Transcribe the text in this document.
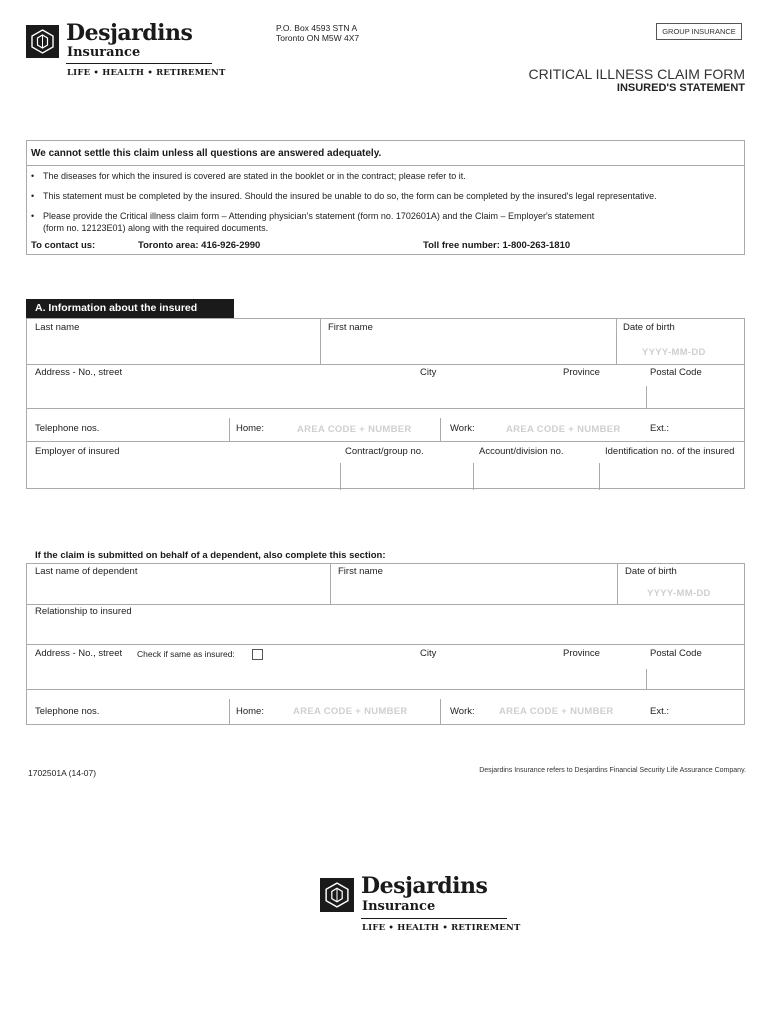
Desjardins
Insurance
LIFE • HEALTH • RETIREMENT
P.O. Box 4593 STN A
Toronto ON M5W 4X7
GROUP INSURANCE
CRITICAL ILLNESS CLAIM FORM
INSURED'S STATEMENT
We cannot settle this claim unless all questions are answered adequately.
• The diseases for which the insured is covered are stated in the booklet or in the contract; please refer to it.
• This statement must be completed by the insured. Should the insured be unable to do so, the form can be completed by the insured's legal representative.
• Please provide the Critical illness claim form – Attending physician's statement (form no. 1702601A) and the Claim – Employer's statement
(form no. 12123E01) along with the required documents.
To contact us:	Toronto area: 416-926-2990	Toll free number: 1-800-263-1810
A. Information about the insured
Last name	First name	Date of birth
YYYY-MM-DD
Address - No., street	City	Province	Postal Code
Telephone nos.	Home:	AREA CODE + NUMBER	Work:	AREA CODE + NUMBER	Ext.:
Employer of insured	Contract/group no.	Account/division no.	Identification no. of the insured
If the claim is submitted on behalf of a dependent, also complete this section:
Last name of dependent	First name	Date of birth
YYYY-MM-DD
Relationship to insured
Address - No., street Check if same as insured:	City	Province	Postal Code
Telephone nos.	Home:	AREA CODE + NUMBER	Work:	AREA CODE + NUMBER	Ext.:
1702501A (14-07)	Desjardins Insurance refers to Desjardins Financial Security Life Assurance Company.
Desjardins
Insurance
LIFE • HEALTH • RETIREMENT
